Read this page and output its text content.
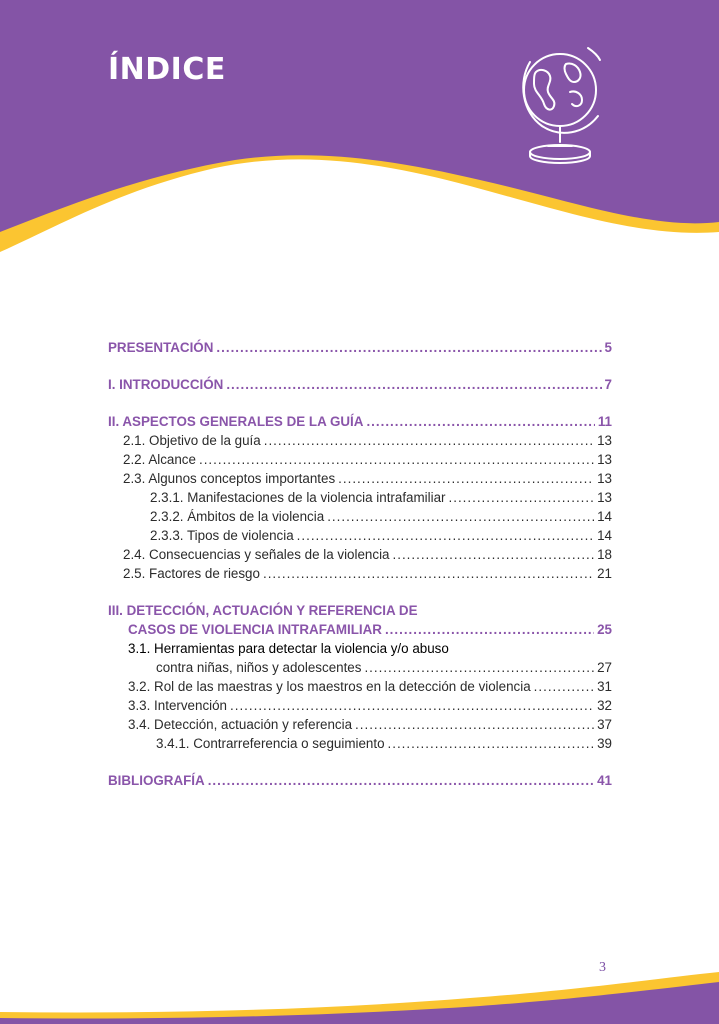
ÍNDICE
PRESENTACIÓN .....	5
I. INTRODUCCIÓN .....	7
II. ASPECTOS GENERALES DE LA GUÍA .....	11
2.1. Objetivo de la guía .....	13
2.2. Alcance .....	13
2.3. Algunos conceptos importantes .....	13
2.3.1. Manifestaciones de la violencia intrafamiliar .....	13
2.3.2. Ámbitos de la violencia .....	14
2.3.3. Tipos de violencia .....	14
2.4. Consecuencias y señales de la violencia .....	18
2.5. Factores de riesgo .....	21
III. DETECCIÓN, ACTUACIÓN Y REFERENCIA DE
CASOS DE VIOLENCIA INTRAFAMILIAR .....	25
3.1. Herramientas para detectar la violencia y/o abuso
contra niñas, niños y adolescentes .....	27
3.2. Rol de las maestras y los maestros en la detección de violencia .....	31
3.3. Intervención .....	32
3.4. Detección, actuación y referencia .....	37
3.4.1. Contrarreferencia o seguimiento .....	39
BIBLIOGRAFÍA .....	41
3
